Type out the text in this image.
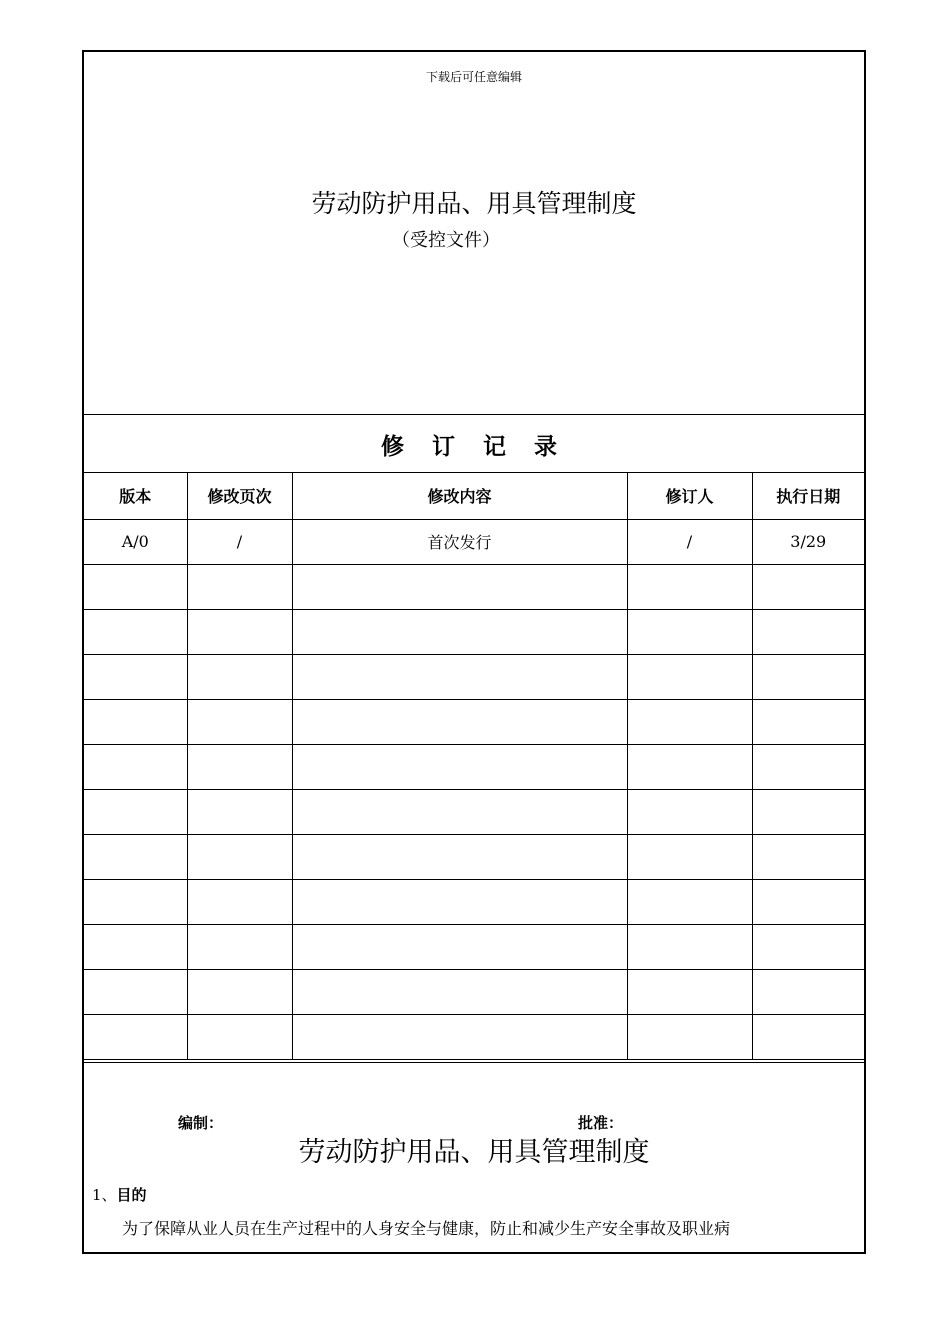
下载后可任意编辑
劳动防护用品、用具管理制度
（受控文件）
修 订 记 录
版本	修改页次	修改内容	修订人	执行日期
A/0	/	首次发行	/	3/29

编制：	批准：
劳动防护用品、用具管理制度
1、目的
为了保障从业人员在生产过程中的人身安全与健康，防止和减少生产安全事故及职业病
